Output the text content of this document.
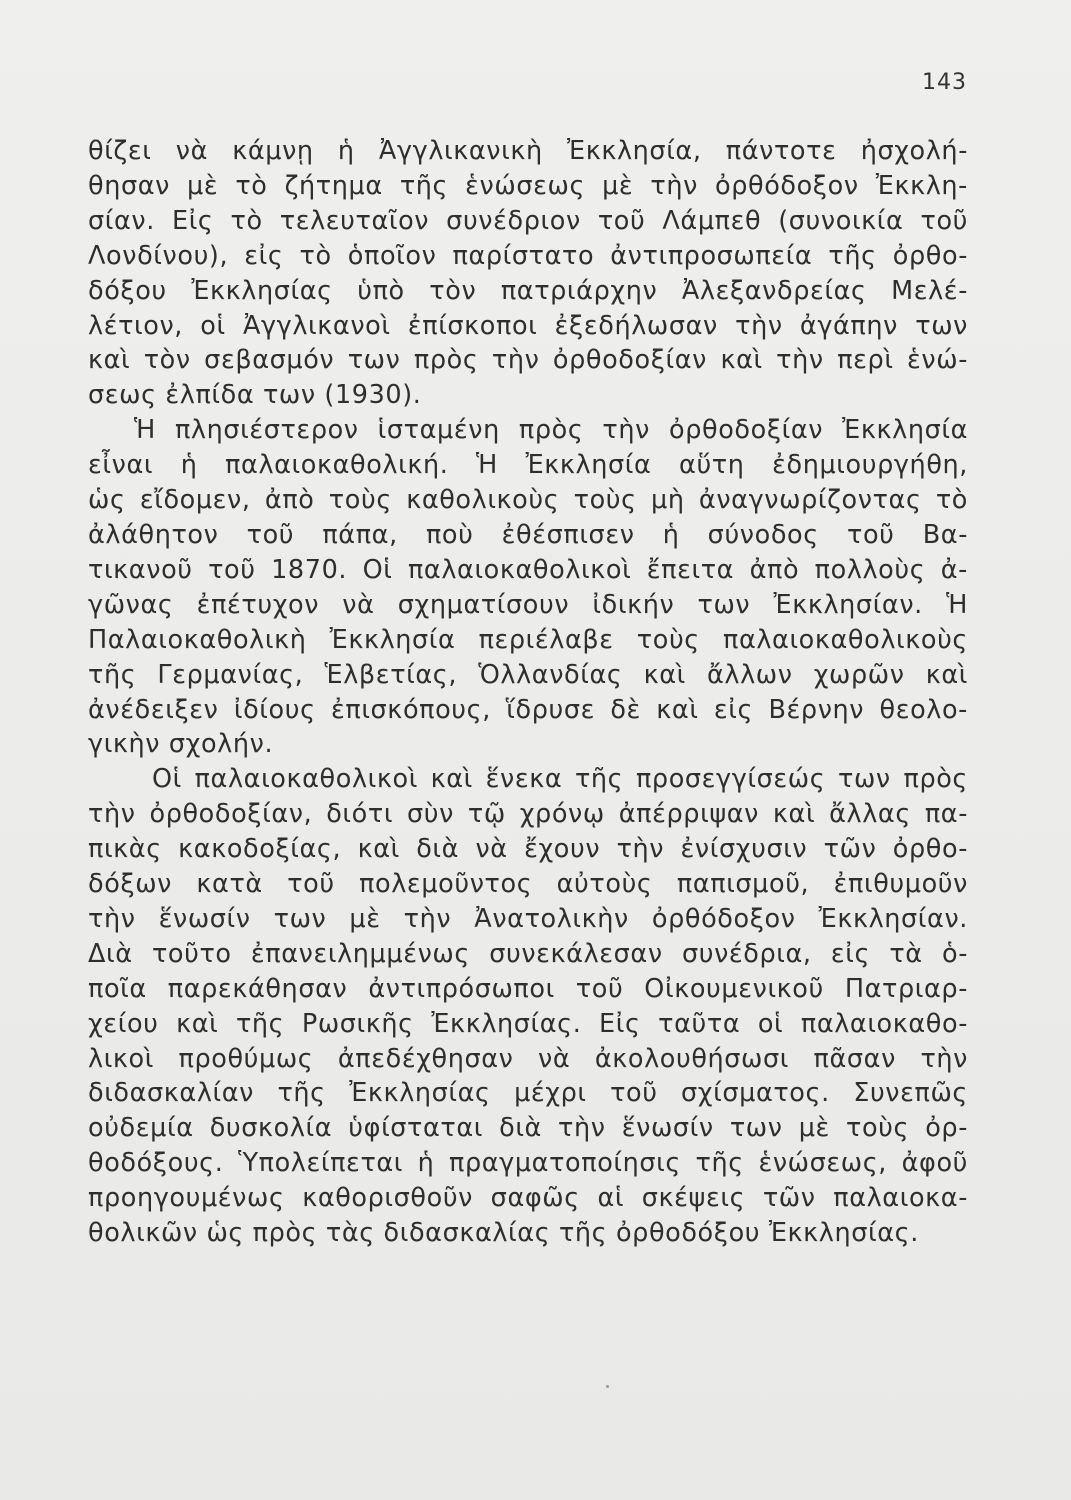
143
θίζει νὰ κάμνῃ ἡ Ἀγγλικανικὴ Ἐκκλησία, πάντοτε ἠσχολή-
θησαν μὲ τὸ ζήτημα τῆς ἑνώσεως μὲ τὴν ὀρθόδοξον Ἐκκλη-
σίαν. Εἰς τὸ τελευταῖον συνέδριον τοῦ Λάμπεθ (συνοικία τοῦ
Λονδίνου), εἰς τὸ ὁποῖον παρίστατο ἀντιπροσωπεία τῆς ὀρθο-
δόξου Ἐκκλησίας ὑπὸ τὸν πατριάρχην Ἀλεξανδρείας Μελέ-
λέτιον, οἱ Ἀγγλικανοὶ ἐπίσκοποι ἐξεδήλωσαν τὴν ἀγάπην των
καὶ τὸν σεβασμόν των πρὸς τὴν ὀρθοδοξίαν καὶ τὴν περὶ ἑνώ-
σεως ἐλπίδα των (1930).
Ἡ πλησιέστερον ἱσταμένη πρὸς τὴν ὀρθοδοξίαν Ἐκκλησία
εἶναι ἡ παλαιοκαθολική. Ἡ Ἐκκλησία αὕτη ἐδημιουργήθη,
ὡς εἴδομεν, ἀπὸ τοὺς καθολικοὺς τοὺς μὴ ἀναγνωρίζοντας τὸ
ἀλάθητον τοῦ πάπα, ποὺ ἐθέσπισεν ἡ σύνοδος τοῦ Βα-
τικανοῦ τοῦ 1870. Οἱ παλαιοκαθολικοὶ ἔπειτα ἀπὸ πολλοὺς ἀ-
γῶνας ἐπέτυχον νὰ σχηματίσουν ἰδικήν των Ἐκκλησίαν. Ἡ
Παλαιοκαθολικὴ Ἐκκλησία περιέλαβε τοὺς παλαιοκαθολικοὺς
τῆς Γερμανίας, Ἑλβετίας, Ὁλλανδίας καὶ ἄλλων χωρῶν καὶ
ἀνέδειξεν ἰδίους ἐπισκόπους, ἵδρυσε δὲ καὶ εἰς Βέρνην θεολο-
γικὴν σχολήν.
Οἱ παλαιοκαθολικοὶ καὶ ἕνεκα τῆς προσεγγίσεώς των πρὸς
τὴν ὀρθοδοξίαν, διότι σὺν τῷ χρόνῳ ἀπέρριψαν καὶ ἄλλας πα-
πικὰς κακοδοξίας, καὶ διὰ νὰ ἔχουν τὴν ἐνίσχυσιν τῶν ὀρθο-
δόξων κατὰ τοῦ πολεμοῦντος αὐτοὺς παπισμοῦ, ἐπιθυμοῦν
τὴν ἕνωσίν των μὲ τὴν Ἀνατολικὴν ὀρθόδοξον Ἐκκλησίαν.
Διὰ τοῦτο ἐπανειλημμένως συνεκάλεσαν συνέδρια, εἰς τὰ ὁ-
ποῖα παρεκάθησαν ἀντιπρόσωποι τοῦ Οἰκουμενικοῦ Πατριαρ-
χείου καὶ τῆς Ρωσικῆς Ἐκκλησίας. Εἰς ταῦτα οἱ παλαιοκαθο-
λικοὶ προθύμως ἀπεδέχθησαν νὰ ἀκολουθήσωσι πᾶσαν τὴν
διδασκαλίαν τῆς Ἐκκλησίας μέχρι τοῦ σχίσματος. Συνεπῶς
οὐδεμία δυσκολία ὑφίσταται διὰ τὴν ἕνωσίν των μὲ τοὺς ὀρ-
θοδόξους. Ὑπολείπεται ἡ πραγματοποίησις τῆς ἑνώσεως, ἀφοῦ
προηγουμένως καθορισθοῦν σαφῶς αἱ σκέψεις τῶν παλαιοκα-
θολικῶν ὡς πρὸς τὰς διδασκαλίας τῆς ὀρθοδόξου Ἐκκλησίας.
